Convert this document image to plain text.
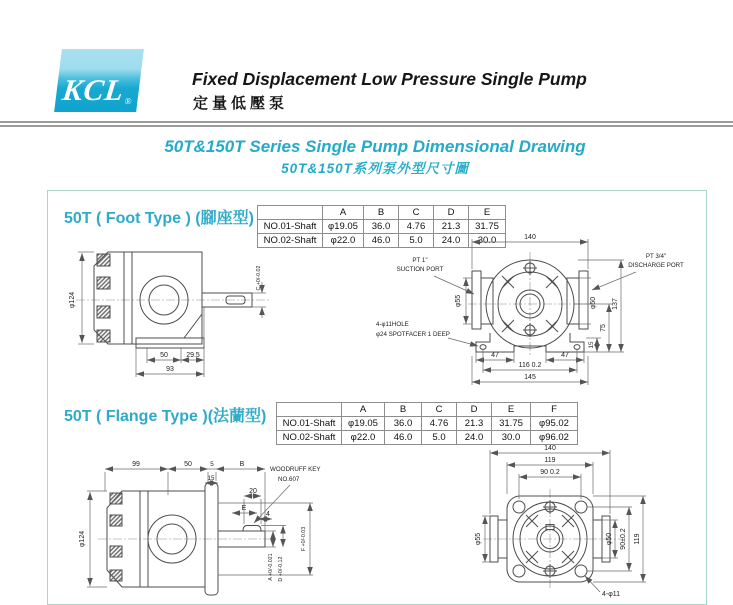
KCL
®
Fixed Displacement Low Pressure Single Pump
定量低壓泵
50T&150T Series Single Pump Dimensional Drawing
50T&150T系列泵外型尺寸圖
50T ( Foot Type ) (腳座型)
		A	B	C	D	E
NO.01-Shaft	φ19.05	36.0	4.76	21.3	31.75
NO.02-Shaft	φ22.0	46.0	5.0	24.0	30.0
φ124
50	29.5
93
C +0/-0.02
140
PT 1"
SUCTION PORT
PT 3/4"
DISCHARGE PORT
4-φ11HOLE
φ24 SPOTFACER 1 DEEP
φ55	φ50
15
75
137
47	47
116 0.2
145
50T ( Flange Type )(法蘭型)
		A	B	C	D	E	F
NO.01-Shaft	φ19.05	36.0	4.76	21.3	31.75	φ95.02
NO.02-Shaft	φ22.0	46.0	5.0	24.0	30.0	φ96.02
99	50	5	B
15
20
E
4
WOODRUFF KEY
NO.607
φ124
A +0/-0.021 D +0/-0.12
F +0/-0.03
140
119
90 0.2
φ55	φ50 90±0.2 119
4-φ11
